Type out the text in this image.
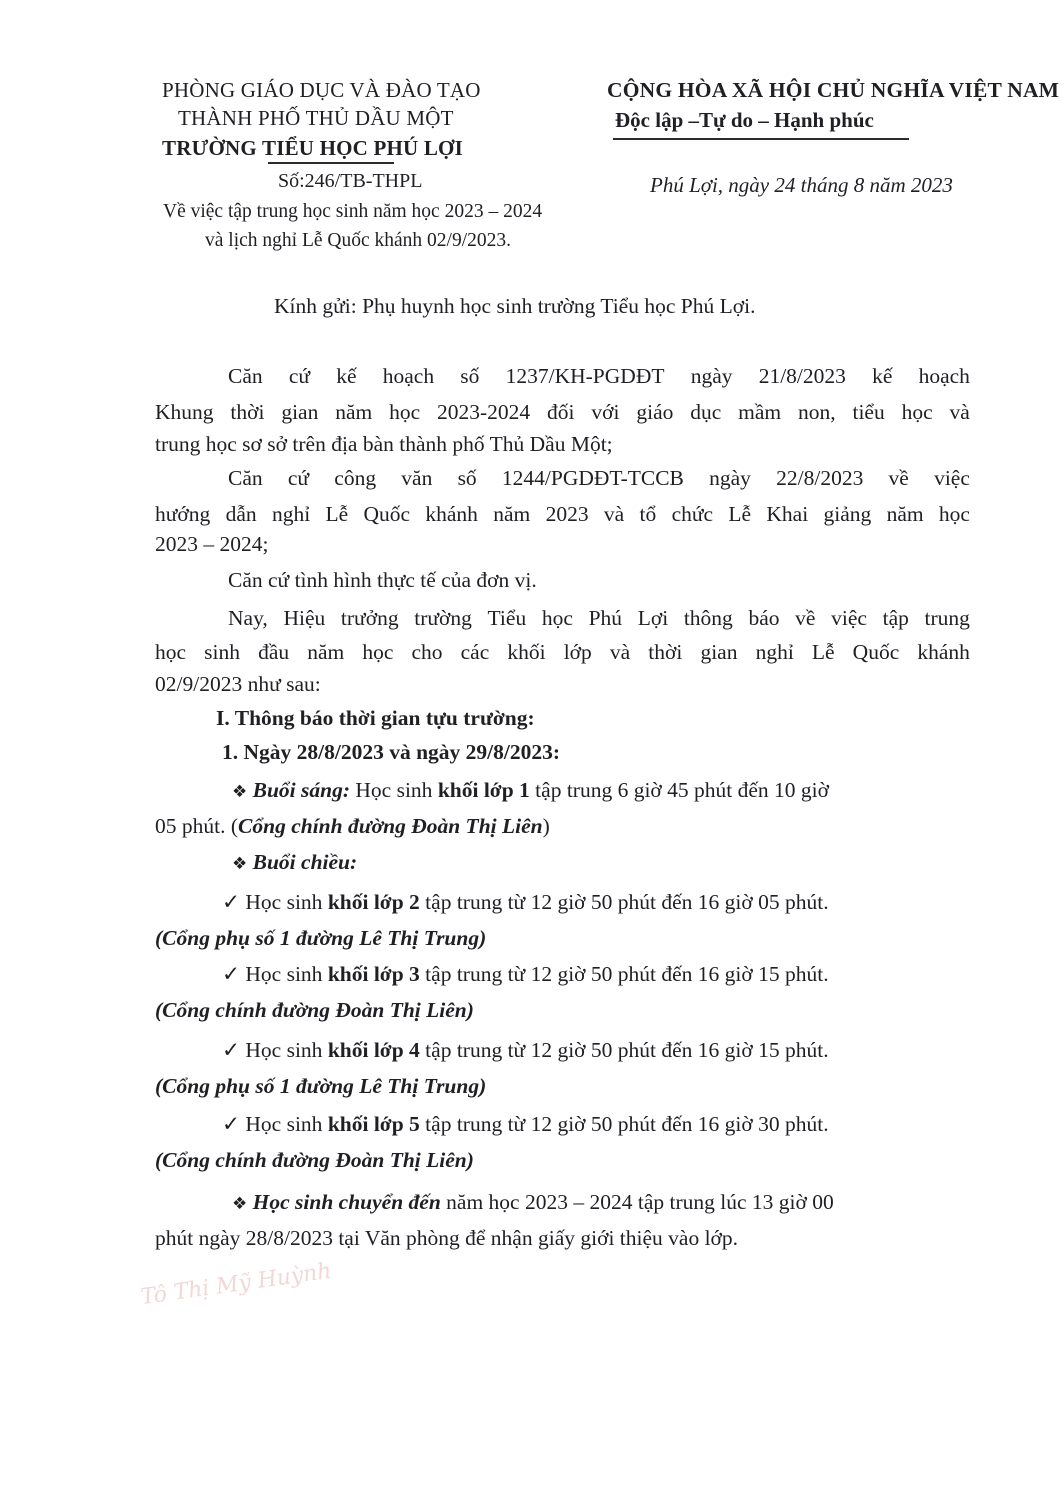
PHÒNG GIÁO DỤC VÀ ĐÀO TẠO
THÀNH PHỐ THỦ DẦU MỘT
TRƯỜNG TIỂU HỌC PHÚ LỢI
Số:246/TB-THPL
Về việc tập trung học sinh năm học 2023 – 2024
và lịch nghỉ Lễ Quốc khánh 02/9/2023.
CỘNG HÒA XÃ HỘI CHỦ NGHĨA VIỆT NAM
Độc lập –Tự do – Hạnh phúc
Phú Lợi, ngày 24 tháng 8 năm 2023
Kính gửi: Phụ huynh học sinh trường Tiểu học Phú Lợi.
Căn cứ kế hoạch số 1237/KH-PGDĐT ngày 21/8/2023 kế hoạch
Khung thời gian năm học 2023-2024 đối với giáo dục mầm non, tiểu học và
trung học sơ sở trên địa bàn thành phố Thủ Dầu Một;
Căn cứ công văn số 1244/PGDĐT-TCCB ngày 22/8/2023 về việc
hướng dẫn nghỉ Lễ Quốc khánh năm 2023 và tổ chức Lễ Khai giảng năm học
2023 – 2024;
Căn cứ tình hình thực tế của đơn vị.
Nay, Hiệu trưởng trường Tiểu học Phú Lợi thông báo về việc tập trung
học sinh đầu năm học cho các khối lớp và thời gian nghỉ Lễ Quốc khánh
02/9/2023 như sau:
I. Thông báo thời gian tựu trường:
1. Ngày 28/8/2023 và ngày 29/8/2023:
❖ Buổi sáng: Học sinh khối lớp 1 tập trung 6 giờ 45 phút đến 10 giờ
05 phút. (Cổng chính đường Đoàn Thị Liên)
❖ Buổi chiều:
✓ Học sinh khối lớp 2 tập trung từ 12 giờ 50 phút đến 16 giờ 05 phút.
(Cổng phụ số 1 đường Lê Thị Trung)
✓ Học sinh khối lớp 3 tập trung từ 12 giờ 50 phút đến 16 giờ 15 phút.
(Cổng chính đường Đoàn Thị Liên)
✓ Học sinh khối lớp 4 tập trung từ 12 giờ 50 phút đến 16 giờ 15 phút.
(Cổng phụ số 1 đường Lê Thị Trung)
✓ Học sinh khối lớp 5 tập trung từ 12 giờ 50 phút đến 16 giờ 30 phút.
(Cổng chính đường Đoàn Thị Liên)
❖ Học sinh chuyển đến năm học 2023 – 2024 tập trung lúc 13 giờ 00
phút ngày 28/8/2023 tại Văn phòng để nhận giấy giới thiệu vào lớp.
Tô Thị Mỹ Huỳnh
